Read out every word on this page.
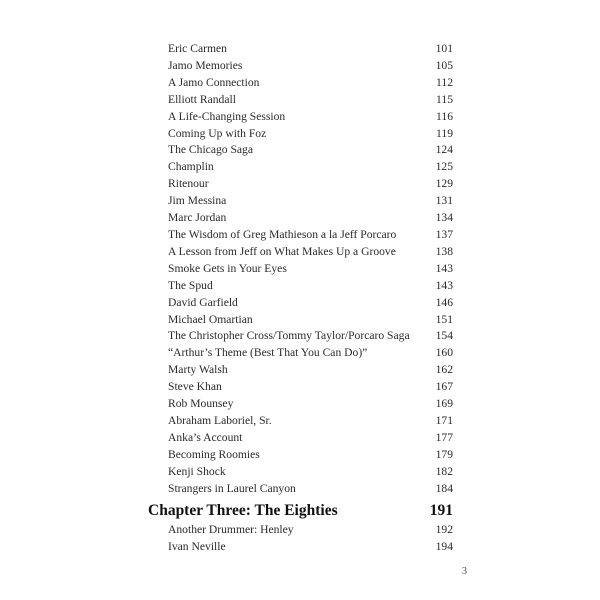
Eric Carmen	101
Jamo Memories	105
A Jamo Connection	112
Elliott Randall	115
A Life-Changing Session	116
Coming Up with Foz	119
The Chicago Saga	124
Champlin	125
Ritenour	129
Jim Messina	131
Marc Jordan	134
The Wisdom of Greg Mathieson a la Jeff Porcaro	137
A Lesson from Jeff on What Makes Up a Groove	138
Smoke Gets in Your Eyes	143
The Spud	143
David Garfield	146
Michael Omartian	151
The Christopher Cross/Tommy Taylor/Porcaro Saga 154
“Arthur’s Theme (Best That You Can Do)”	160
Marty Walsh	162
Steve Khan	167
Rob Mounsey	169
Abraham Laboriel, Sr.	171
Anka’s Account	177
Becoming Roomies	179
Kenji Shock	182
Strangers in Laurel Canyon	184
Chapter Three: The Eighties	191
Another Drummer: Henley	192
Ivan Neville	194
3
